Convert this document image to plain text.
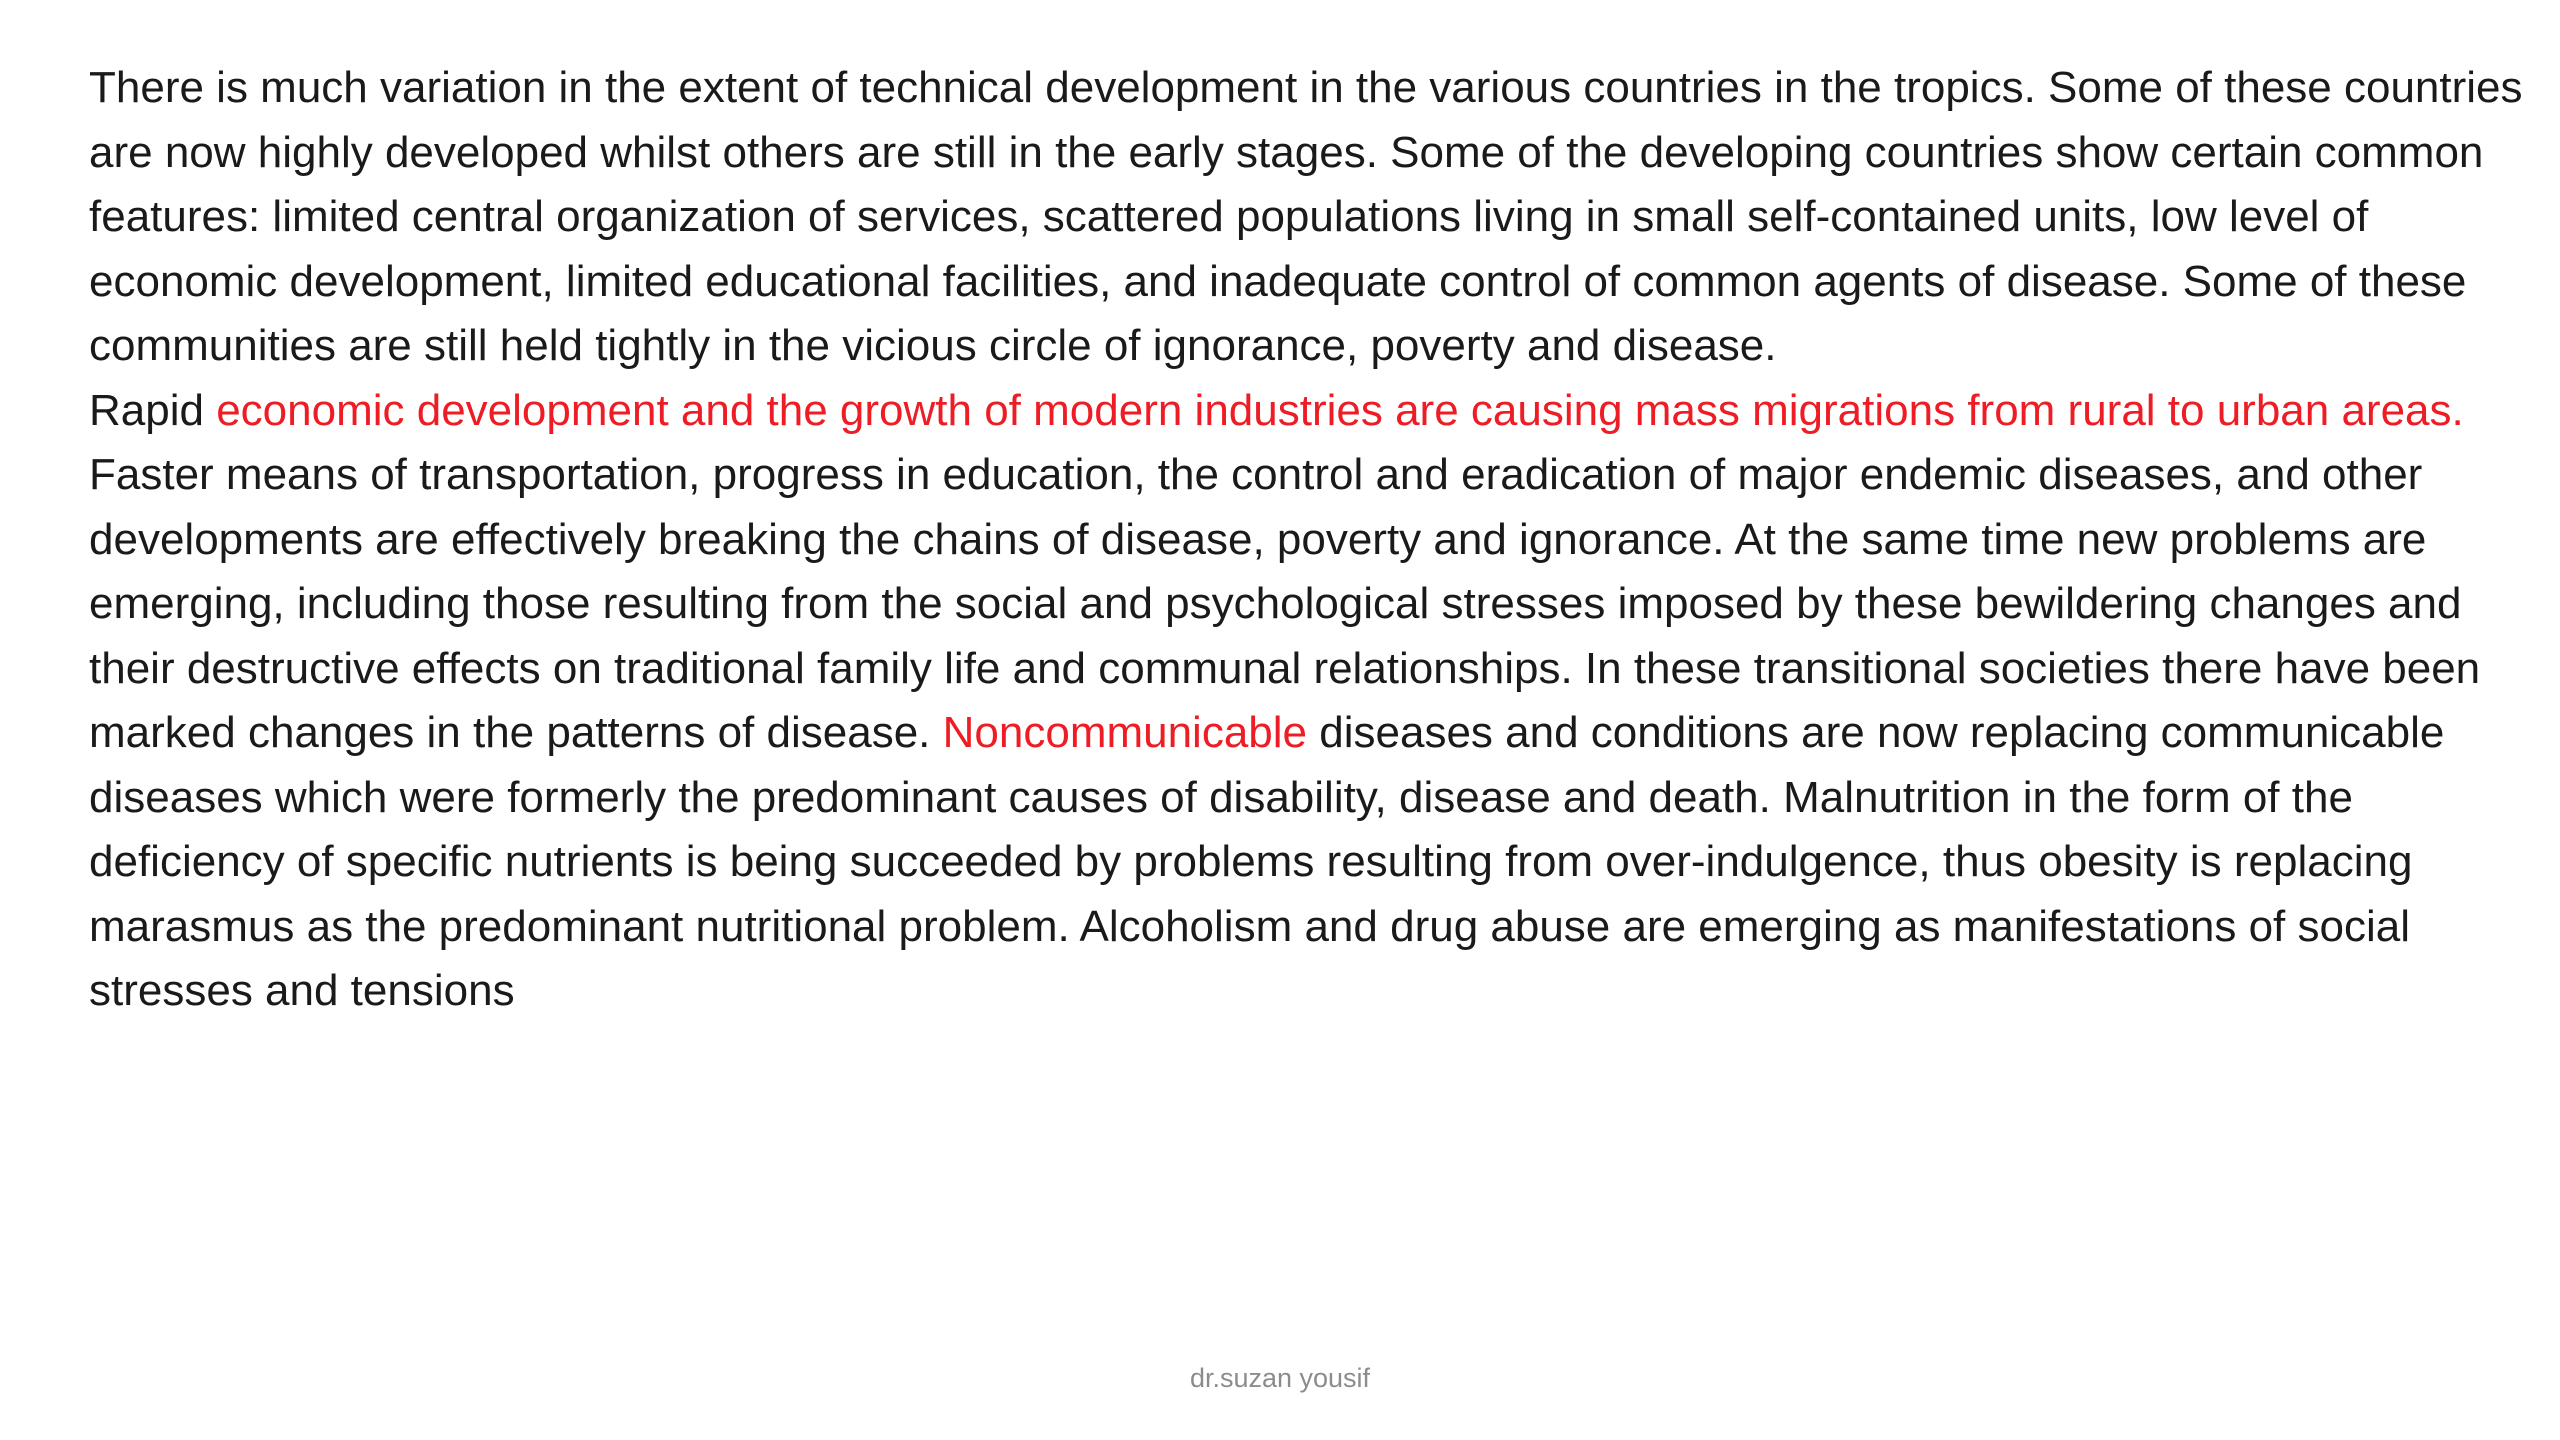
There is much variation in the extent of technical development in the various countries in the tropics. Some of these countries are now highly developed whilst others are still in the early stages. Some of the developing countries show certain common features: limited central organization of services, scattered populations living in small self-contained units, low level of economic development, limited educational facilities, and inadequate control of common agents of disease. Some of these communities are still held tightly in the vicious circle of ignorance, poverty and disease.

Rapid economic development and the growth of modern industries are causing mass migrations from rural to urban areas. Faster means of transportation, progress in education, the control and eradication of major endemic diseases, and other developments are effectively breaking the chains of disease, poverty and ignorance. At the same time new problems are emerging, including those resulting from the social and psychological stresses imposed by these bewildering changes and their destructive effects on traditional family life and communal relationships. In these transitional societies there have been marked changes in the patterns of disease. Noncommunicable diseases and conditions are now replacing communicable diseases which were formerly the predominant causes of disability, disease and death. Malnutrition in the form of the deficiency of specific nutrients is being succeeded by problems resulting from over-indulgence, thus obesity is replacing marasmus as the predominant nutritional problem. Alcoholism and drug abuse are emerging as manifestations of social stresses and tensions

dr.suzan yousif
